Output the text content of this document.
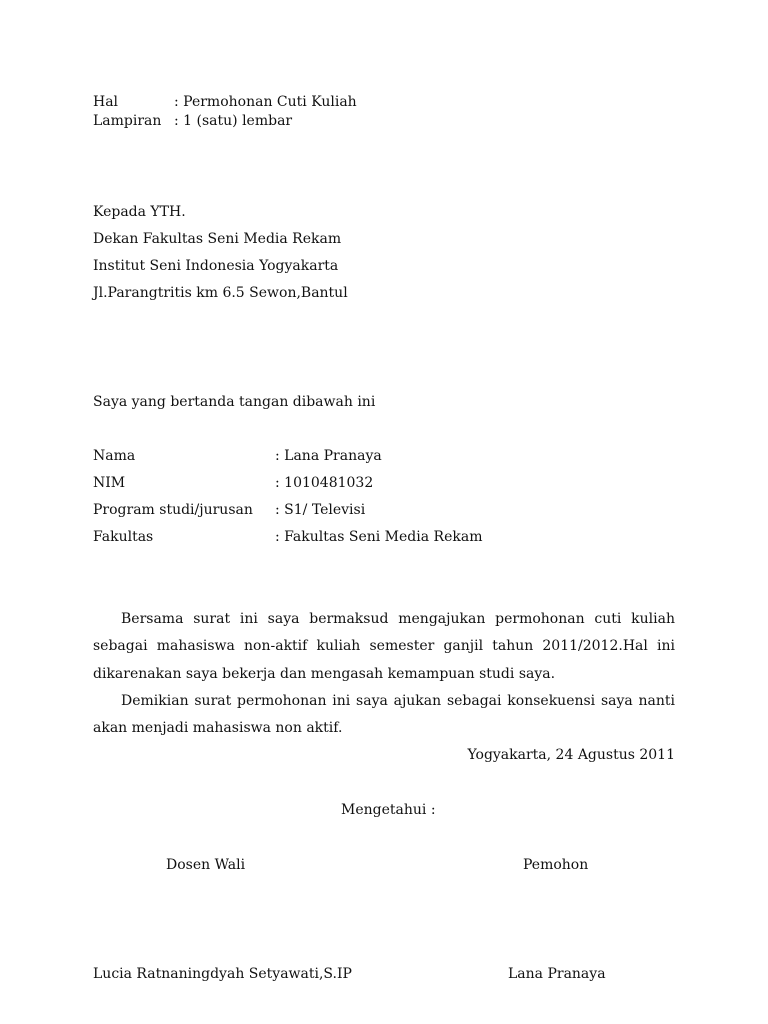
Hal	: Permohonan Cuti Kuliah
Lampiran : 1 (satu) lembar
Kepada YTH.
Dekan Fakultas Seni Media Rekam
Institut Seni Indonesia Yogyakarta
Jl.Parangtritis km 6.5 Sewon,Bantul
Saya yang bertanda tangan dibawah ini
Nama	: Lana Pranaya
NIM	: 1010481032
Program studi/jurusan : S1/ Televisi
Fakultas	: Fakultas Seni Media Rekam
Bersama surat ini saya bermaksud mengajukan permohonan cuti kuliah sebagai mahasiswa non-aktif kuliah semester ganjil tahun 2011/2012.Hal ini dikarenakan saya bekerja dan mengasah kemampuan studi saya.
Demikian surat permohonan ini saya ajukan sebagai konsekuensi saya nanti akan menjadi mahasiswa non aktif.
Yogyakarta, 24 Agustus 2011
Mengetahui :
Dosen Wali	Pemohon
Lucia Ratnaningdyah Setyawati,S.IP	Lana Pranaya
